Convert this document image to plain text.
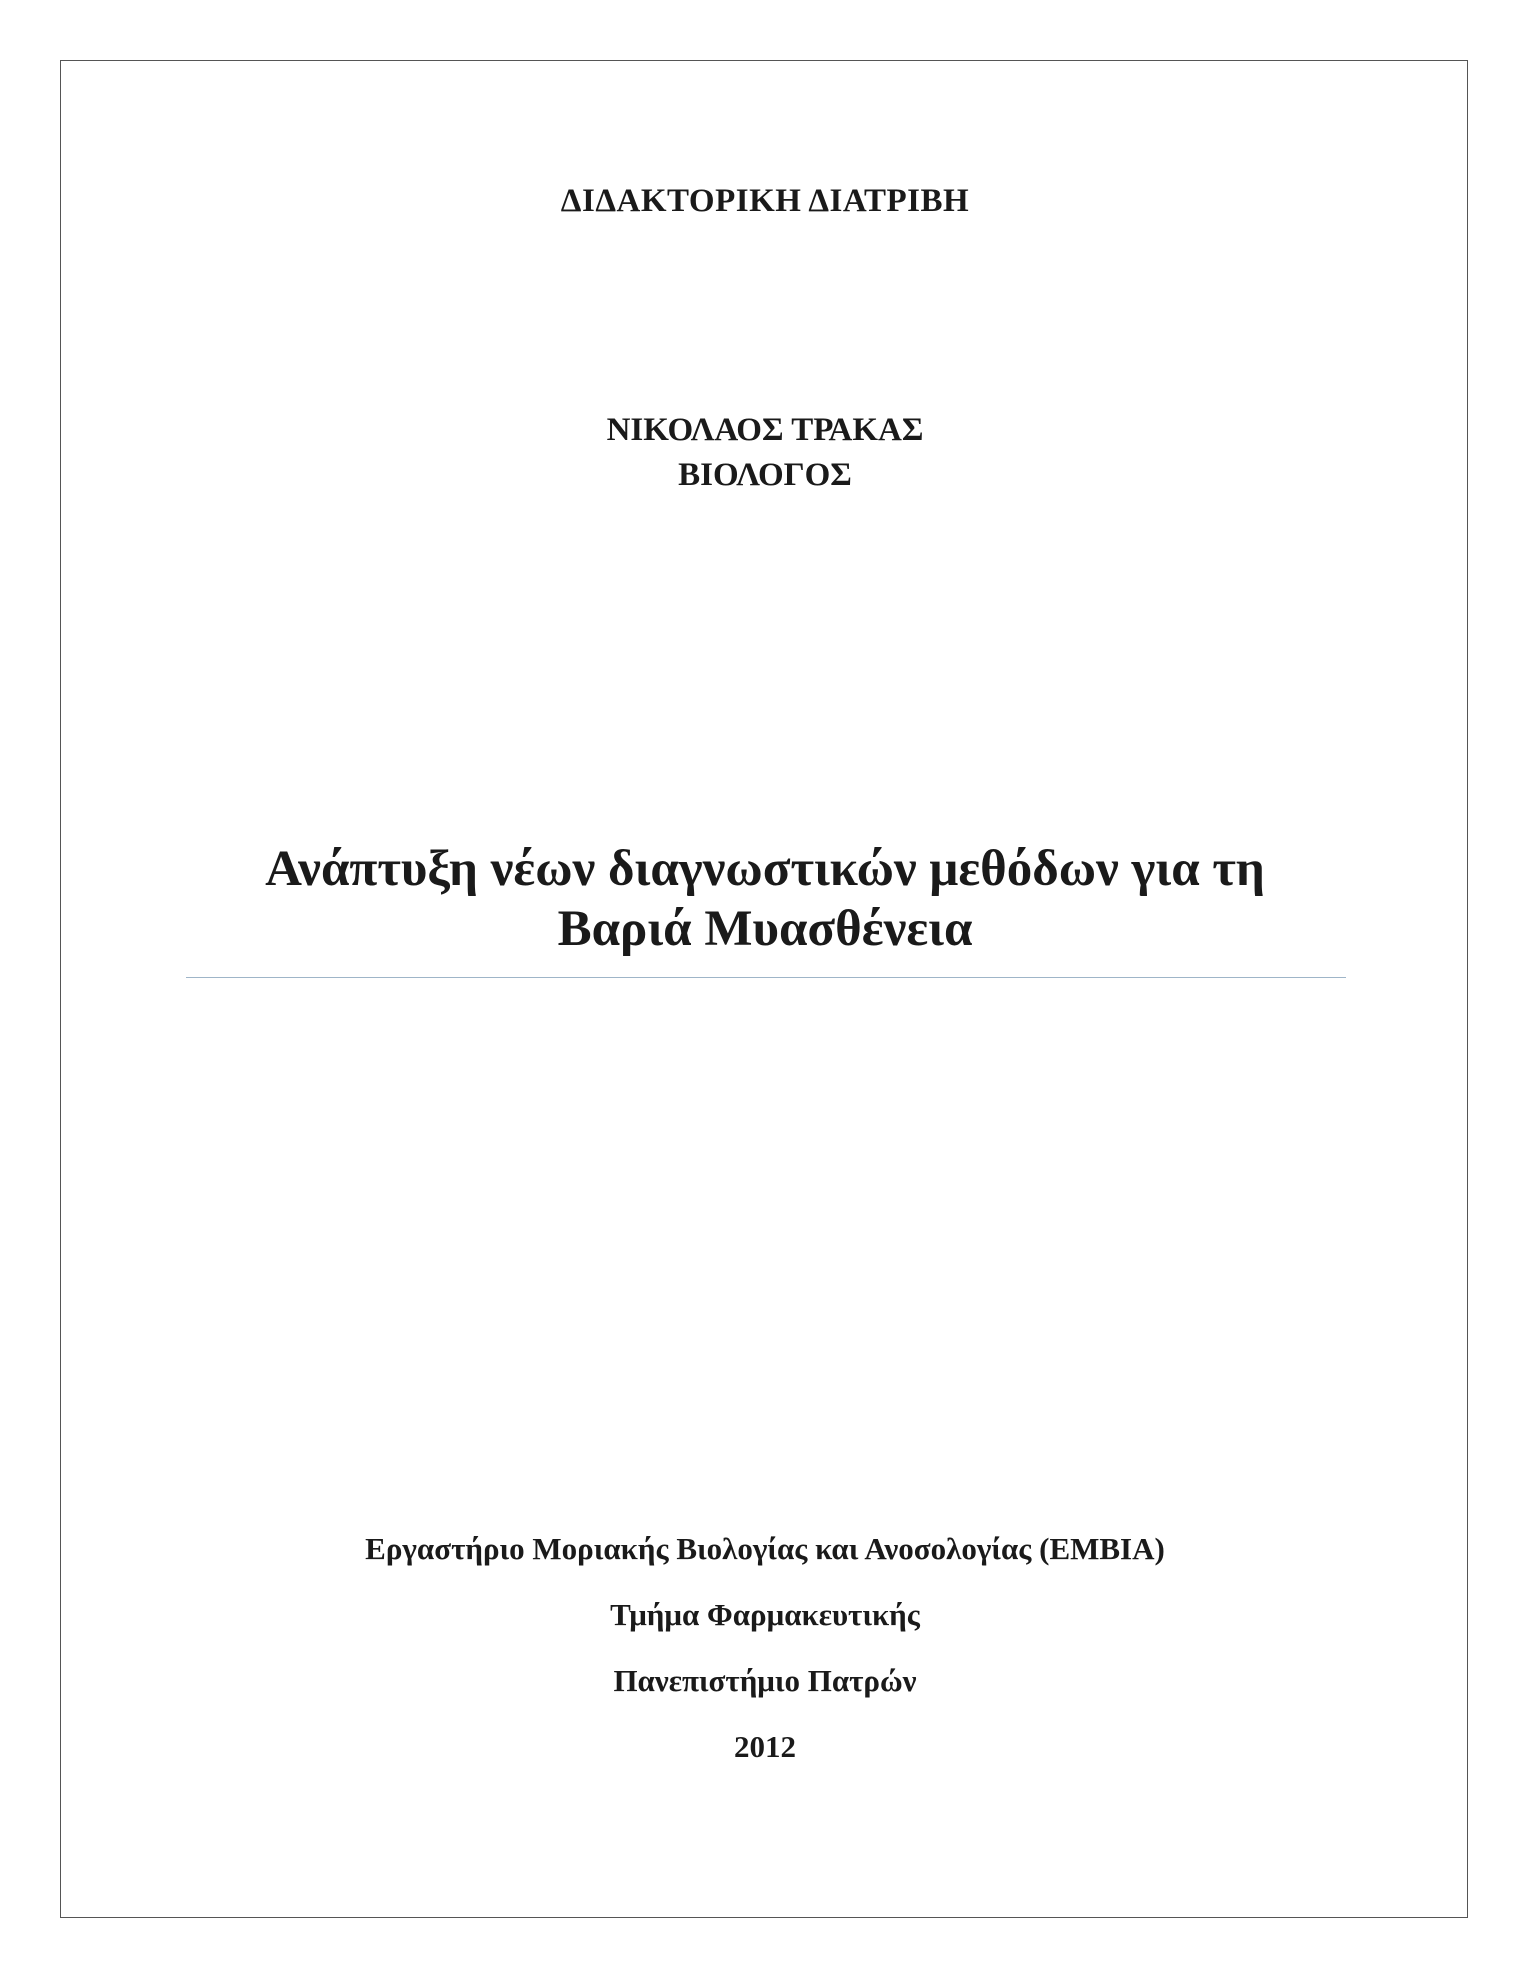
ΔΙΔΑΚΤΟΡΙΚΗ ΔΙΑΤΡΙΒΗ
ΝΙΚΟΛΑΟΣ ΤΡΑΚΑΣ
ΒΙΟΛΟΓΟΣ
Ανάπτυξη νέων διαγνωστικών μεθόδων για τη
Βαριά Μυασθένεια
Εργαστήριο Μοριακής Βιολογίας και Ανοσολογίας (ΕΜΒΙΑ)
Τμήμα Φαρμακευτικής
Πανεπιστήμιο Πατρών
2012
